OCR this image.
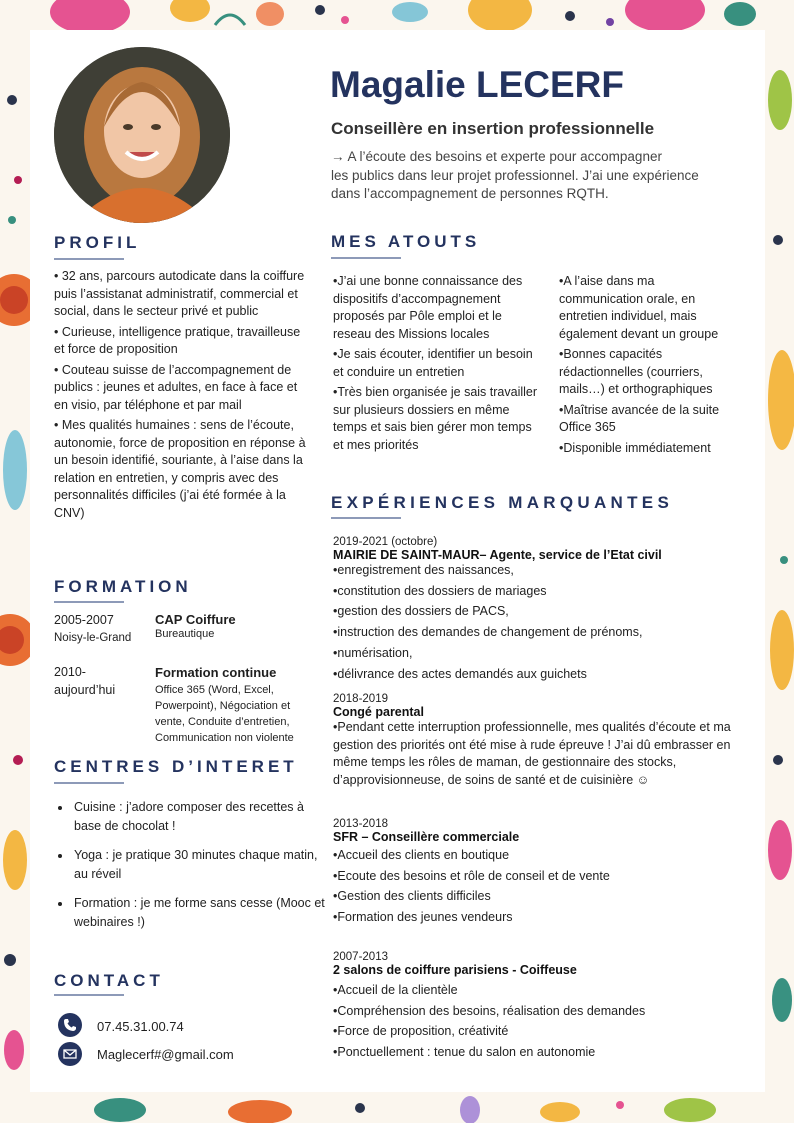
Magalie LECERF
Conseillère en insertion professionnelle
→ A l’écoute des besoins et experte pour accompagner
les publics dans leur projet professionnel. J’ai une expérience
dans l’accompagnement de personnes RQTH.
PROFIL
• 32 ans, parcours autodicate dans la coiffure puis l’assistanat administratif, commercial et social, dans le secteur privé et public
• Curieuse, intelligence pratique, travailleuse et force de proposition
• Couteau suisse de l’accompagnement de publics : jeunes et adultes, en face à face et en visio, par téléphone et par mail
• Mes qualités humaines : sens de l’écoute, autonomie, force de proposition en réponse à un besoin identifié, souriante, à l’aise dans la relation en entretien, y compris avec des personnalités difficiles (j’ai été formée à la CNV)
FORMATION
2005-2007
Noisy-le-Grand
CAP Coiffure
Bureautique
2010-
aujourd’hui
Formation continue
Office 365 (Word, Excel, Powerpoint), Négociation et vente, Conduite d’entretien, Communication non violente
CENTRES D’INTERET
• Cuisine : j’adore composer des recettes à base de chocolat !
• Yoga : je pratique 30 minutes chaque matin, au réveil
• Formation : je me forme sans cesse (Mooc et webinaires !)
CONTACT
07.45.31.00.74
Maglecerf#@gmail.com
MES ATOUTS
• J’ai une bonne connaissance des dispositifs d’accompagnement proposés par Pôle emploi et le reseau des Missions locales
• Je sais écouter, identifier un besoin et conduire un entretien
• Très bien organisée je sais travailler sur plusieurs dossiers en même temps et sais bien gérer mon temps et mes priorités
• A l’aise dans ma communication orale, en entretien individuel, mais également devant un groupe
• Bonnes capacités rédactionnelles (courriers, mails…) et orthographiques
• Maîtrise avancée de la suite Office 365
• Disponible immédiatement
EXPÉRIENCES MARQUANTES
2019-2021 (octobre)
MAIRIE DE SAINT-MAUR– Agente, service de l’Etat civil
• enregistrement des naissances,
• constitution des dossiers de mariages
• gestion des dossiers de PACS,
• instruction des demandes de changement de prénoms,
• numérisation,
• délivrance des actes demandés aux guichets
2018-2019
Congé parental
• Pendant cette interruption professionnelle, mes qualités d’écoute et ma gestion des priorités ont été mise à rude épreuve ! J’ai dû embrasser en même temps les rôles de maman, de gestionnaire des stocks, d’approvisionneuse, de soins de santé et de cuisinière ☺
2013-2018
SFR – Conseillère commerciale
• Accueil des clients en boutique
• Ecoute des besoins et rôle de conseil et de vente
• Gestion des clients difficiles
• Formation des jeunes vendeurs
2007-2013
2 salons de coiffure parisiens - Coiffeuse
• Accueil de la clientèle
• Compréhension des besoins, réalisation des demandes
• Force de proposition, créativité
• Ponctuellement : tenue du salon en autonomie
